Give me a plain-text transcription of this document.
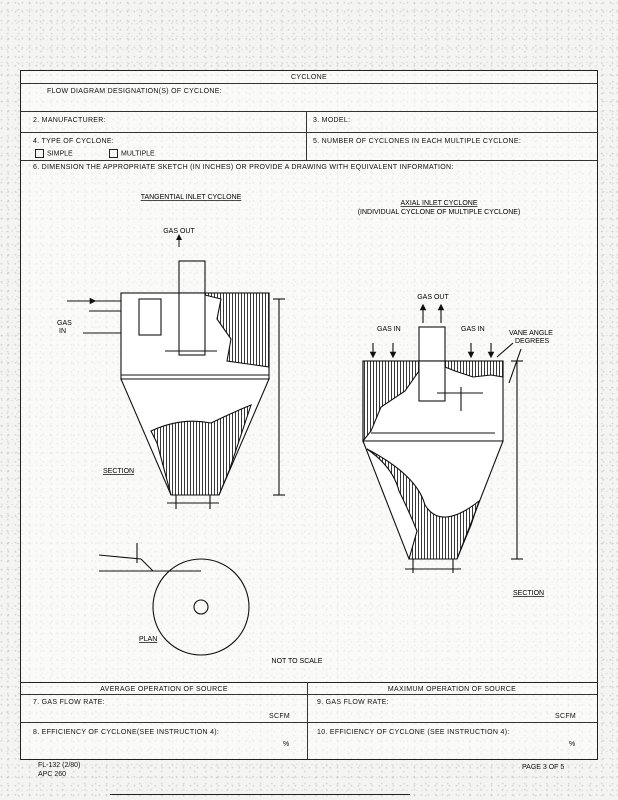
CYCLONE
FLOW DIAGRAM DESIGNATION(S) OF CYCLONE:
2. MANUFACTURER:	3. MODEL:
4. TYPE OF CYCLONE:
SIMPLE	MULTIPLE
5. NUMBER OF CYCLONES IN EACH MULTIPLE CYCLONE:
6. DIMENSION THE APPROPRIATE SKETCH (IN INCHES) OR PROVIDE A DRAWING WITH EQUIVALENT INFORMATION:
TANGENTIAL INLET CYCLONE
GAS OUT
GAS
IN
SECTION
PLAN
AXIAL INLET CYCLONE
(INDIVIDUAL CYCLONE OF MULTIPLE CYCLONE)
GAS OUT
GAS IN	GAS IN
VANE ANGLE
DEGREES
SECTION
NOT TO SCALE
AVERAGE OPERATION OF SOURCE	MAXIMUM OPERATION OF SOURCE
7. GAS FLOW RATE:
SCFM
9. GAS FLOW RATE:
SCFM
8. EFFICIENCY OF CYCLONE(SEE INSTRUCTION 4):
%
10. EFFICIENCY OF CYCLONE (SEE INSTRUCTION 4):
%
FL-132 (2/80)
APC 260
PAGE 3 OF 5
